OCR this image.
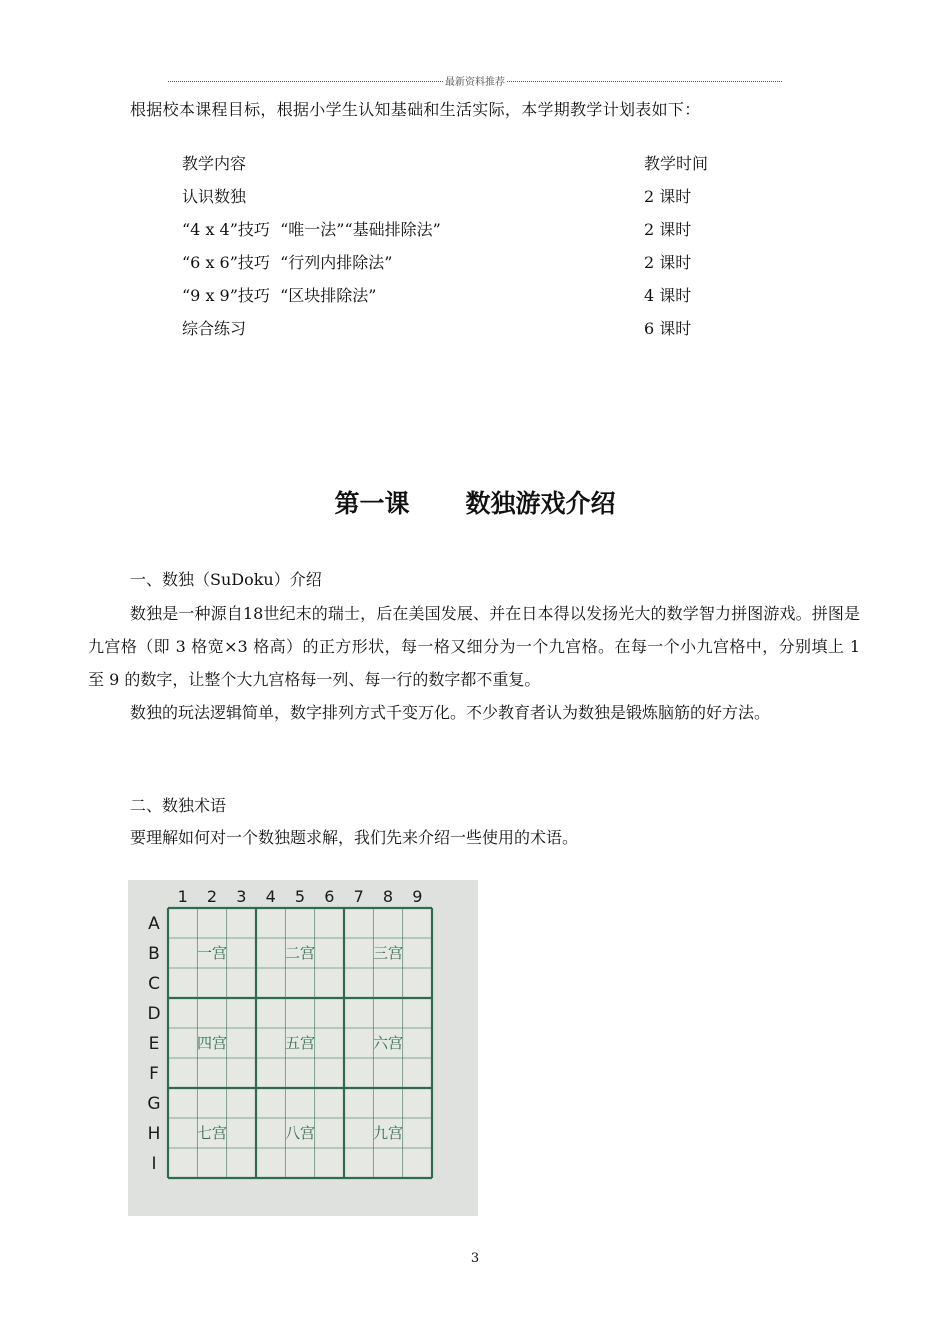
最新资料推荐
根据校本课程目标，根据小学生认知基础和生活实际，本学期教学计划表如下：
教学内容	教学时间
认识数独	2 课时
“4 x 4”技巧  “唯一法”“基础排除法”	2 课时
“6 x 6”技巧  “行列内排除法”	2 课时
“9 x 9”技巧  “区块排除法”	4 课时
综合练习	6 课时
第一课 数独游戏介绍
一、数独（SuDoku）介绍

数独是一种源自18世纪末的瑞士，后在美国发展、并在日本得以发扬光大的数学智力拼图游戏。拼图是九宫格（即 3 格宽×3 格高）的正方形状，每一格又细分为一个九宫格。在每一个小九宫格中，分别填上 1 至 9 的数字，让整个大九宫格每一列、每一行的数字都不重复。

数独的玩法逻辑简单，数字排列方式千变万化。不少教育者认为数独是锻炼脑筋的好方法。

二、数独术语

要理解如何对一个数独题求解，我们先来介绍一些使用的术语。

1 2 3 4 5 6 7 8 9
A
B
C
D
E
F
G
H
I
一宫	二宫	三宫
四宫	五宫	六宫
七宫	八宫	九宫
3
